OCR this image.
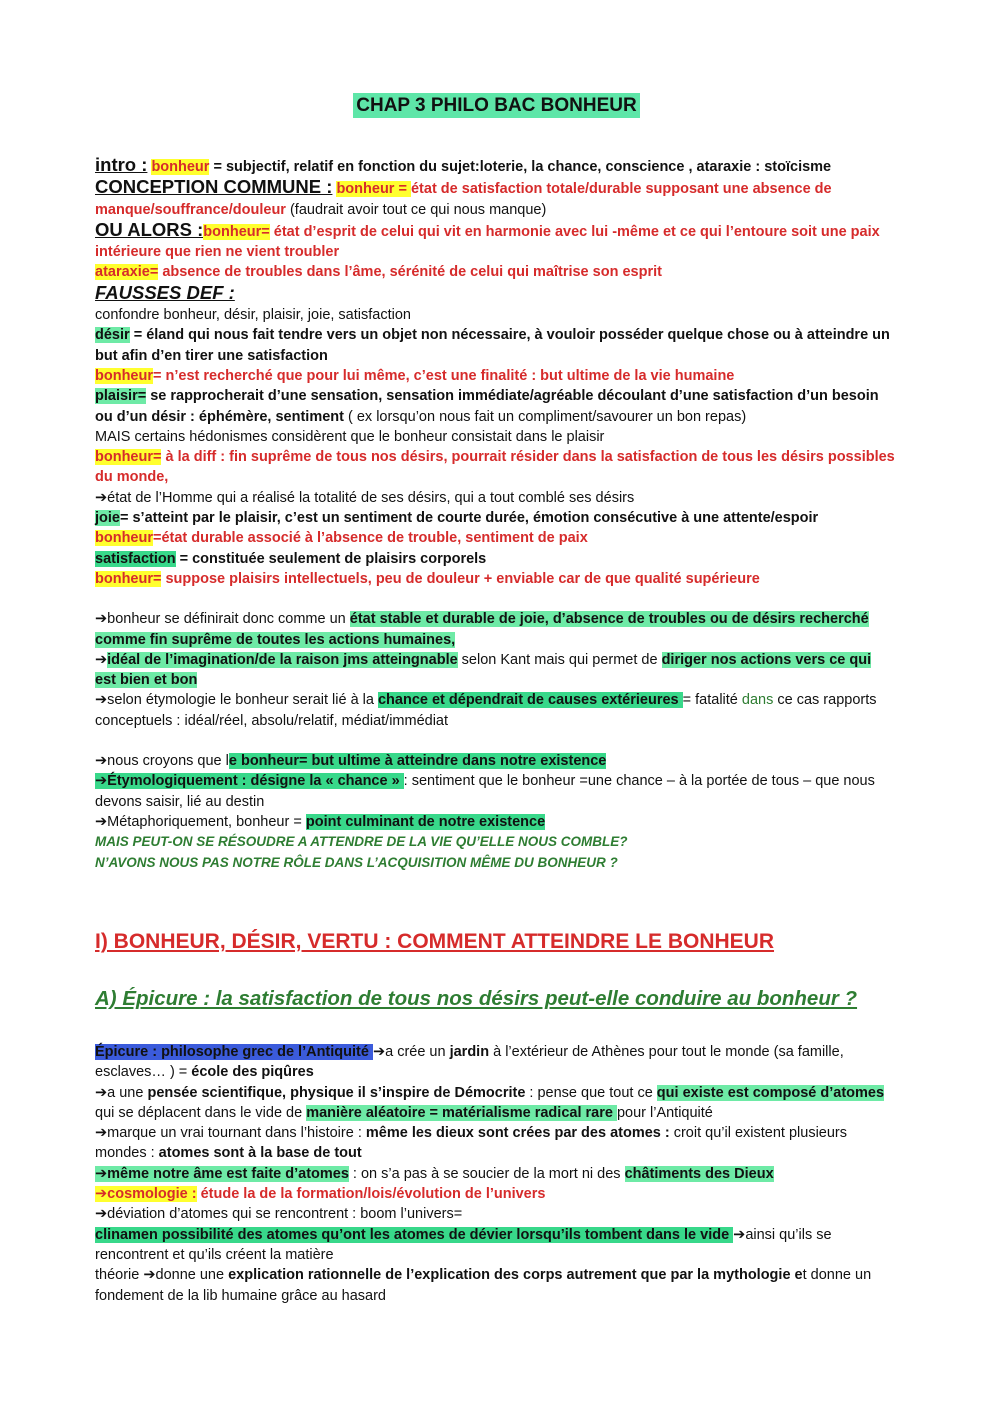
CHAP 3 PHILO BAC BONHEUR

intro : bonheur = subjectif, relatif en fonction du sujet:loterie, la chance, conscience , ataraxie : stoïcisme

CONCEPTION COMMUNE : bonheur = état de satisfaction totale/durable supposant une absence de manque/souffrance/douleur (faudrait avoir tout ce qui nous manque)

OU ALORS :bonheur= état d’esprit de celui qui vit en harmonie avec lui -même et ce qui l’entoure soit une paix intérieure que rien ne vient troubler

ataraxie= absence de troubles dans l’âme, sérénité de celui qui maîtrise son esprit

FAUSSES DEF :

confondre bonheur, désir, plaisir, joie, satisfaction

désir = éland qui nous fait tendre vers un objet non nécessaire, à vouloir posséder quelque chose ou à atteindre un but afin d’en tirer une satisfaction

bonheur= n’est recherché que pour lui même, c’est une finalité : but ultime de la vie humaine

plaisir= se rapprocherait d’une sensation, sensation immédiate/agréable découlant d’une satisfaction d’un besoin ou d’un désir : éphémère, sentiment ( ex lorsqu’on nous fait un compliment/savourer un bon repas)

MAIS certains hédonismes considèrent que le bonheur consistait dans le plaisir

bonheur= à la diff : fin suprême de tous nos désirs, pourrait résider dans la satisfaction de tous les désirs possibles du monde,

➔état de l’Homme qui a réalisé la totalité de ses désirs, qui a tout comblé ses désirs

joie= s’atteint par le plaisir, c’est un sentiment de courte durée, émotion consécutive à une attente/espoir

bonheur=état durable associé à l’absence de trouble, sentiment de paix

satisfaction = constituée seulement de plaisirs corporels

bonheur= suppose plaisirs intellectuels, peu de douleur + enviable car de que qualité supérieure

➔bonheur se définirait donc comme un état stable et durable de joie, d’absence de troubles ou de désirs recherché comme fin suprême de toutes les actions humaines,

➔idéal de l’imagination/de la raison jms atteingnable selon Kant mais qui permet de diriger nos actions vers ce qui est bien et bon

➔selon étymologie le bonheur serait lié à la chance et dépendrait de causes extérieures = fatalité dans ce cas rapports conceptuels : idéal/réel, absolu/relatif, médiat/immédiat

➔nous croyons que le bonheur= but ultime à atteindre dans notre existence

➔Étymologiquement : désigne la « chance » : sentiment que le bonheur =une chance – à la portée de tous – que nous devons saisir, lié au destin

➔Métaphoriquement, bonheur = point culminant de notre existence

MAIS PEUT-ON SE RÉSOUDRE A ATTENDRE DE LA VIE QU’ELLE NOUS COMBLE?

N’AVONS NOUS PAS NOTRE RÔLE DANS L’ACQUISITION MÊME DU BONHEUR ?

I) BONHEUR, DÉSIR, VERTU : COMMENT ATTEINDRE LE BONHEUR
A) Épicure : la satisfaction de tous nos désirs peut-elle conduire au bonheur ?

Épicure : philosophe grec de l’Antiquité ➔a crée un jardin à l’extérieur de Athènes pour tout le monde (sa famille, esclaves… ) = école des piqûres

➔a une pensée scientifique, physique il s’inspire de Démocrite : pense que tout ce qui existe est composé d’atomes qui se déplacent dans le vide de manière aléatoire = matérialisme radical rare pour l’Antiquité

➔marque un vrai tournant dans l’histoire : même les dieux sont crées par des atomes : croit qu’il existent plusieurs mondes : atomes sont à la base de tout

➔même notre âme est faite d’atomes : on s’a pas à se soucier de la mort ni des châtiments des Dieux

➔cosmologie : étude la de la formation/lois/évolution de l’univers

➔déviation d’atomes qui se rencontrent : boom l’univers=

clinamen possibilité des atomes qu’ont les atomes de dévier lorsqu’ils tombent dans le vide ➔ainsi qu’ils se rencontrent et qu’ils créent la matière

théorie ➔donne une explication rationnelle de l’explication des corps autrement que par la mythologie et donne un fondement de la lib humaine grâce au hasard
